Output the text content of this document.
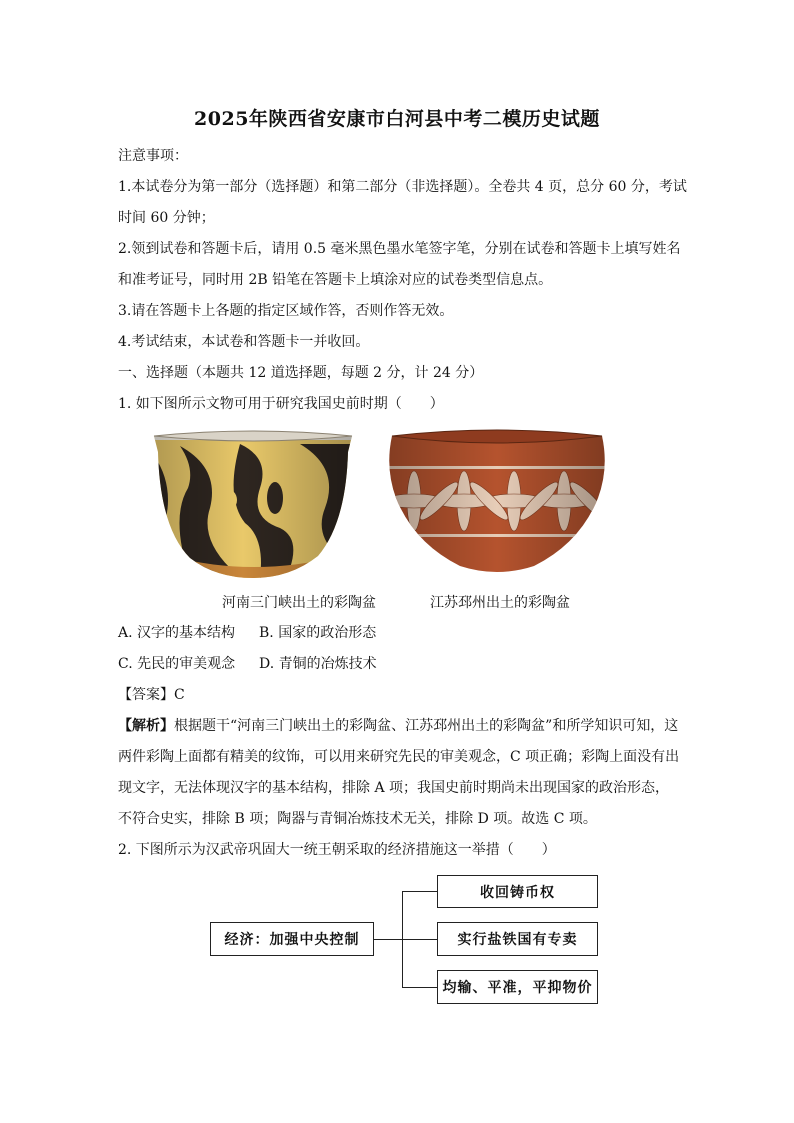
2025年陕西省安康市白河县中考二模历史试题
注意事项：
1.本试卷分为第一部分（选择题）和第二部分（非选择题）。全卷共 4 页，总分 60 分，考试
时间 60 分钟；
2.领到试卷和答题卡后，请用 0.5 毫米黑色墨水笔签字笔，分别在试卷和答题卡上填写姓名
和准考证号，同时用 2B 铅笔在答题卡上填涂对应的试卷类型信息点。
3.请在答题卡上各题的指定区域作答，否则作答无效。
4.考试结束，本试卷和答题卡一并收回。
一、选择题（本题共 12 道选择题，每题 2 分，计 24 分）
1. 如下图所示文物可用于研究我国史前时期（　　）
河南三门峡出土的彩陶盆	江苏邳州出土的彩陶盆
A. 汉字的基本结构	B. 国家的政治形态
C. 先民的审美观念	D. 青铜的冶炼技术
【答案】C
【解析】根据题干“河南三门峡出土的彩陶盆、江苏邳州出土的彩陶盆”和所学知识可知，这
两件彩陶上面都有精美的纹饰，可以用来研究先民的审美观念，C 项正确；彩陶上面没有出
现文字，无法体现汉字的基本结构，排除 A 项；我国史前时期尚未出现国家的政治形态，
不符合史实，排除 B 项；陶器与青铜冶炼技术无关，排除 D 项。故选 C 项。
2. 下图所示为汉武帝巩固大一统王朝采取的经济措施这一举措（　　）
经济：加强中央控制
收回铸币权
实行盐铁国有专卖
均输、平准，平抑物价
